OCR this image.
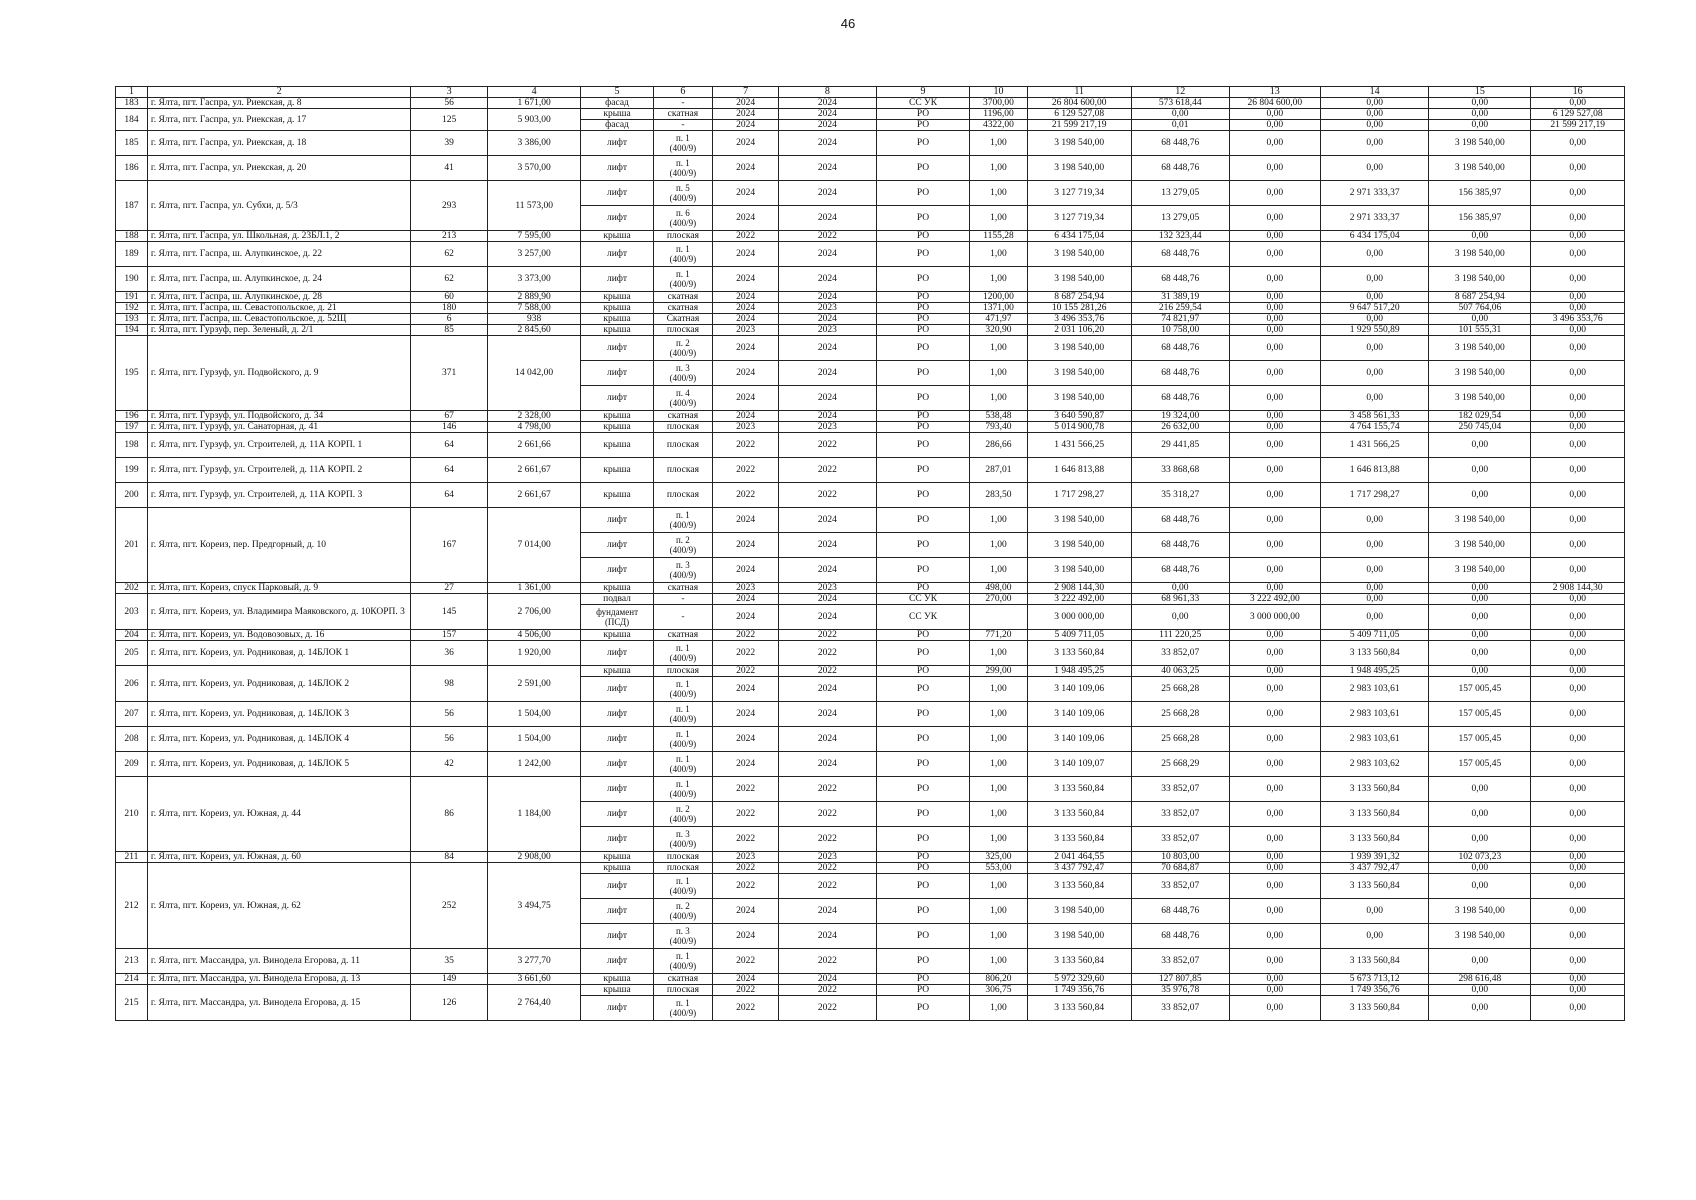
46
1	2	3	4	5	6	7	8	9	10	11	12	13	14	15	16
183	г. Ялта, пгт. Гаспра, ул. Риекская, д. 8	56	1 671,00	фасад	-	2024	2024	СС УК	3700,00	26 804 600,00	573 618,44	26 804 600,00	0,00	0,00	0,00
184	г. Ялта, пгт. Гаспра, ул. Риекская, д. 17	125	5 903,00	крыша	скатная	2024	2024	РО	1196,00	6 129 527,08	0,00	0,00	0,00	0,00	6 129 527,08
				фасад	-	2024	2024	РО	4322,00	21 599 217,19	0,01	0,00	0,00	0,00	21 599 217,19
185	г. Ялта, пгт. Гаспра, ул. Риекская, д. 18	39	3 386,00	лифт	п. 1
(400/9)	2024	2024	РО	1,00	3 198 540,00	68 448,76	0,00	0,00	3 198 540,00	0,00
186	г. Ялта, пгт. Гаспра, ул. Риекская, д. 20	41	3 570,00	лифт	п. 1
(400/9)	2024	2024	РО	1,00	3 198 540,00	68 448,76	0,00	0,00	3 198 540,00	0,00
187	г. Ялта, пгт. Гаспра, ул. Субхи, д. 5/3	293	11 573,00	лифт	п. 5
(400/9)	2024	2024	РО	1,00	3 127 719,34	13 279,05	0,00	2 971 333,37	156 385,97	0,00
				лифт	п. 6
(400/9)	2024	2024	РО	1,00	3 127 719,34	13 279,05	0,00	2 971 333,37	156 385,97	0,00
188	г. Ялта, пгт. Гаспра, ул. Школьная, д. 23БЛ.1, 2	213	7 595,00	крыша	плоская	2022	2022	РО	1155,28	6 434 175,04	132 323,44	0,00	6 434 175,04	0,00	0,00
189	г. Ялта, пгт. Гаспра, ш. Алупкинское, д. 22	62	3 257,00	лифт	п. 1
(400/9)	2024	2024	РО	1,00	3 198 540,00	68 448,76	0,00	0,00	3 198 540,00	0,00
190	г. Ялта, пгт. Гаспра, ш. Алупкинское, д. 24	62	3 373,00	лифт	п. 1
(400/9)	2024	2024	РО	1,00	3 198 540,00	68 448,76	0,00	0,00	3 198 540,00	0,00
191	г. Ялта, пгт. Гаспра, ш. Алупкинское, д. 28	60	2 889,90	крыша	скатная	2024	2024	РО	1200,00	8 687 254,94	31 389,19	0,00	0,00	8 687 254,94	0,00
192	г. Ялта, пгт. Гаспра, ш. Севастопольское, д. 21	180	7 588,00	крыша	скатная	2024	2023	РО	1371,00	10 155 281,26	216 259,54	0,00	9 647 517,20	507 764,06	0,00
193	г. Ялта, пгт. Гаспра, ш. Севастопольское, д. 52Щ	6	938	крыша	Скатная	2024	2024	РО	471,97	3 496 353,76	74 821,97	0,00	0,00	0,00	3 496 353,76
194	г. Ялта, пгт. Гурзуф, пер. Зеленый, д. 2/1	85	2 845,60	крыша	плоская	2023	2023	РО	320,90	2 031 106,20	10 758,00	0,00	1 929 550,89	101 555,31	0,00
195	г. Ялта, пгт. Гурзуф, ул. Подвойского, д. 9	371	14 042,00	лифт	п. 2
(400/9)	2024	2024	РО	1,00	3 198 540,00	68 448,76	0,00	0,00	3 198 540,00	0,00
				лифт	п. 3
(400/9)	2024	2024	РО	1,00	3 198 540,00	68 448,76	0,00	0,00	3 198 540,00	0,00
				лифт	п. 4
(400/9)	2024	2024	РО	1,00	3 198 540,00	68 448,76	0,00	0,00	3 198 540,00	0,00
196	г. Ялта, пгт. Гурзуф, ул. Подвойского, д. 34	67	2 328,00	крыша	скатная	2024	2024	РО	538,48	3 640 590,87	19 324,00	0,00	3 458 561,33	182 029,54	0,00
197	г. Ялта, пгт. Гурзуф, ул. Санаторная, д. 41	146	4 798,00	крыша	плоская	2023	2023	РО	793,40	5 014 900,78	26 632,00	0,00	4 764 155,74	250 745,04	0,00
198	г. Ялта, пгт. Гурзуф, ул. Строителей, д. 11А КОРП. 1	64	2 661,66	крыша	плоская	2022	2022	РО	286,66	1 431 566,25	29 441,85	0,00	1 431 566,25	0,00	0,00
199	г. Ялта, пгт. Гурзуф, ул. Строителей, д. 11А КОРП. 2	64	2 661,67	крыша	плоская	2022	2022	РО	287,01	1 646 813,88	33 868,68	0,00	1 646 813,88	0,00	0,00
200	г. Ялта, пгт. Гурзуф, ул. Строителей, д. 11А КОРП. 3	64	2 661,67	крыша	плоская	2022	2022	РО	283,50	1 717 298,27	35 318,27	0,00	1 717 298,27	0,00	0,00
201	г. Ялта, пгт. Кореиз, пер. Предгорный, д. 10	167	7 014,00	лифт	п. 1
(400/9)	2024	2024	РО	1,00	3 198 540,00	68 448,76	0,00	0,00	3 198 540,00	0,00
				лифт	п. 2
(400/9)	2024	2024	РО	1,00	3 198 540,00	68 448,76	0,00	0,00	3 198 540,00	0,00
				лифт	п. 3
(400/9)	2024	2024	РО	1,00	3 198 540,00	68 448,76	0,00	0,00	3 198 540,00	0,00
202	г. Ялта, пгт. Кореиз, спуск Парковый, д. 9	27	1 361,00	крыша	скатная	2023	2023	РО	498,00	2 908 144,30	0,00	0,00	0,00	0,00	2 908 144,30
203	г. Ялта, пгт. Кореиз, ул. Владимира Маяковского, д. 10КОРП. 3	145	2 706,00	подвал	-	2024	2024	СС УК	270,00	3 222 492,00	68 961,33	3 222 492,00	0,00	0,00	0,00

				фундамент
(ПСД)	-	2024	2024	СС УК		3 000 000,00	0,00	3 000 000,00	0,00	0,00	0,00
204	г. Ялта, пгт. Кореиз, ул. Водовозовых, д. 16	157	4 506,00	крыша	скатная	2022	2022	РО	771,20	5 409 711,05	111 220,25	0,00	5 409 711,05	0,00	0,00
205	г. Ялта, пгт. Кореиз, ул. Родниковая, д. 14БЛОК 1	36	1 920,00	лифт	п. 1
(400/9)	2022	2022	РО	1,00	3 133 560,84	33 852,07	0,00	3 133 560,84	0,00	0,00
206	г. Ялта, пгт. Кореиз, ул. Родниковая, д. 14БЛОК 2	98	2 591,00	крыша	плоская	2022	2022	РО	299,00	1 948 495,25	40 063,25	0,00	1 948 495,25	0,00	0,00
				лифт	п. 1
(400/9)	2024	2024	РО	1,00	3 140 109,06	25 668,28	0,00	2 983 103,61	157 005,45	0,00
207	г. Ялта, пгт. Кореиз, ул. Родниковая, д. 14БЛОК 3	56	1 504,00	лифт	п. 1
(400/9)	2024	2024	РО	1,00	3 140 109,06	25 668,28	0,00	2 983 103,61	157 005,45	0,00
208	г. Ялта, пгт. Кореиз, ул. Родниковая, д. 14БЛОК 4	56	1 504,00	лифт	п. 1
(400/9)	2024	2024	РО	1,00	3 140 109,06	25 668,28	0,00	2 983 103,61	157 005,45	0,00
209	г. Ялта, пгт. Кореиз, ул. Родниковая, д. 14БЛОК 5	42	1 242,00	лифт	п. 1
(400/9)	2024	2024	РО	1,00	3 140 109,07	25 668,29	0,00	2 983 103,62	157 005,45	0,00
210	г. Ялта, пгт. Кореиз, ул. Южная, д. 44	86	1 184,00	лифт	п. 1
(400/9)	2022	2022	РО	1,00	3 133 560,84	33 852,07	0,00	3 133 560,84	0,00	0,00
				лифт	п. 2
(400/9)	2022	2022	РО	1,00	3 133 560,84	33 852,07	0,00	3 133 560,84	0,00	0,00
				лифт	п. 3
(400/9)	2022	2022	РО	1,00	3 133 560,84	33 852,07	0,00	3 133 560,84	0,00	0,00
211	г. Ялта, пгт. Кореиз, ул. Южная, д. 60	84	2 908,00	крыша	плоская	2023	2023	РО	325,00	2 041 464,55	10 803,00	0,00	1 939 391,32	102 073,23	0,00
212	г. Ялта, пгт. Кореиз, ул. Южная, д. 62	252	3 494,75	крыша	плоская	2022	2022	РО	553,00	3 437 792,47	70 684,87	0,00	3 437 792,47	0,00	0,00
				лифт	п. 1
(400/9)	2022	2022	РО	1,00	3 133 560,84	33 852,07	0,00	3 133 560,84	0,00	0,00
				лифт	п. 2
(400/9)	2024	2024	РО	1,00	3 198 540,00	68 448,76	0,00	0,00	3 198 540,00	0,00
				лифт	п. 3
(400/9)	2024	2024	РО	1,00	3 198 540,00	68 448,76	0,00	0,00	3 198 540,00	0,00
213	г. Ялта, пгт. Массандра, ул. Винодела Егорова, д. 11	35	3 277,70	лифт	п. 1
(400/9)	2022	2022	РО	1,00	3 133 560,84	33 852,07	0,00	3 133 560,84	0,00	0,00
214	г. Ялта, пгт. Массандра, ул. Винодела Егорова, д. 13	149	3 661,60	крыша	скатная	2024	2024	РО	806,20	5 972 329,60	127 807,85	0,00	5 673 713,12	298 616,48	0,00
215	г. Ялта, пгт. Массандра, ул. Винодела Егорова, д. 15	126	2 764,40	крыша	плоская	2022	2022	РО	306,75	1 749 356,76	35 976,78	0,00	1 749 356,76	0,00	0,00
				лифт	п. 1
(400/9)	2022	2022	РО	1,00	3 133 560,84	33 852,07	0,00	3 133 560,84	0,00	0,00
